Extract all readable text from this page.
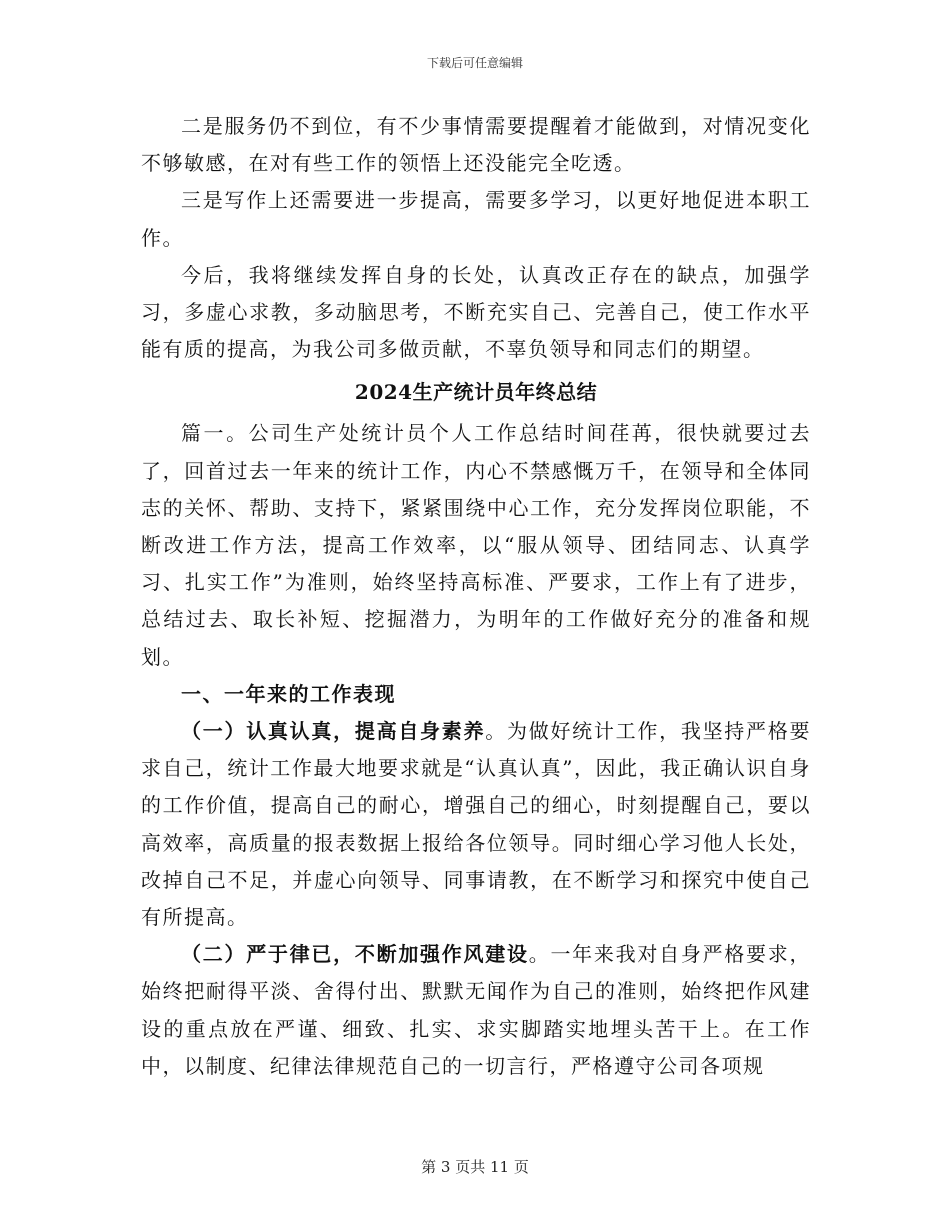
下载后可任意编辑

二是服务仍不到位，有不少事情需要提醒着才能做到，对情况变化不够敏感，在对有些工作的领悟上还没能完全吃透。

三是写作上还需要进一步提高，需要多学习，以更好地促进本职工作。

今后，我将继续发挥自身的长处，认真改正存在的缺点，加强学习，多虚心求教，多动脑思考，不断充实自己、完善自己，使工作水平能有质的提高，为我公司多做贡献，不辜负领导和同志们的期望。

2024生产统计员年终总结

篇一。公司生产处统计员个人工作总结时间荏苒，很快就要过去了，回首过去一年来的统计工作，内心不禁感慨万千，在领导和全体同志的关怀、帮助、支持下，紧紧围绕中心工作，充分发挥岗位职能，不断改进工作方法，提高工作效率，以“服从领导、团结同志、认真学习、扎实工作”为准则，始终坚持高标准、严要求，工作上有了进步，总结过去、取长补短、挖掘潜力，为明年的工作做好充分的准备和规划。

一、一年来的工作表现

（一）认真认真，提高自身素养。为做好统计工作，我坚持严格要求自己，统计工作最大地要求就是“认真认真”，因此，我正确认识自身的工作价值，提高自己的耐心，增强自己的细心，时刻提醒自己，要以高效率，高质量的报表数据上报给各位领导。同时细心学习他人长处，改掉自己不足，并虚心向领导、同事请教，在不断学习和探究中使自己有所提高。

（二）严于律已，不断加强作风建设。一年来我对自身严格要求，始终把耐得平淡、舍得付出、默默无闻作为自己的准则，始终把作风建设的重点放在严谨、细致、扎实、求实脚踏实地埋头苦干上。在工作中，以制度、纪律法律规范自己的一切言行，严格遵守公司各项规

第 3 页共 11 页
